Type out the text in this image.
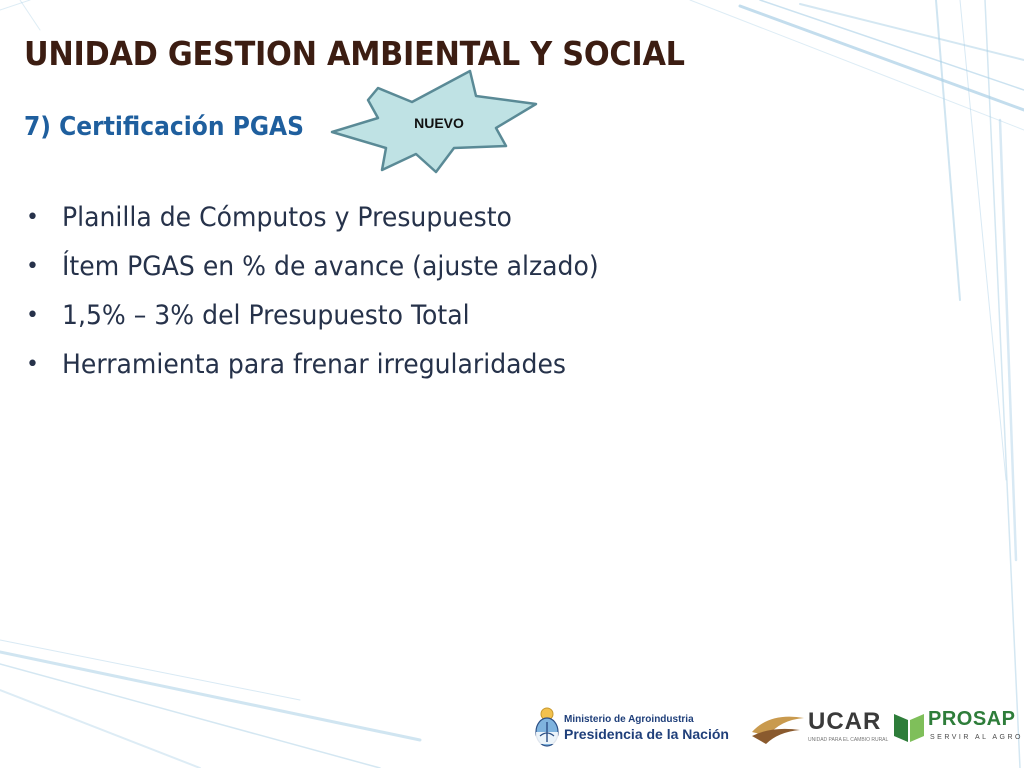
UNIDAD GESTION AMBIENTAL Y SOCIAL
7) Certificación PGAS	NUEVO
• Planilla de Cómputos y Presupuesto
• Ítem PGAS en % de avance (ajuste alzado)
• 1,5% – 3% del Presupuesto Total
• Herramienta para frenar irregularidades
Ministerio de Agroindustria
Presidencia de la Nación	UCAR
UNIDAD PARA EL CAMBIO RURAL
PROSAP
SERVIR AL AGRO
